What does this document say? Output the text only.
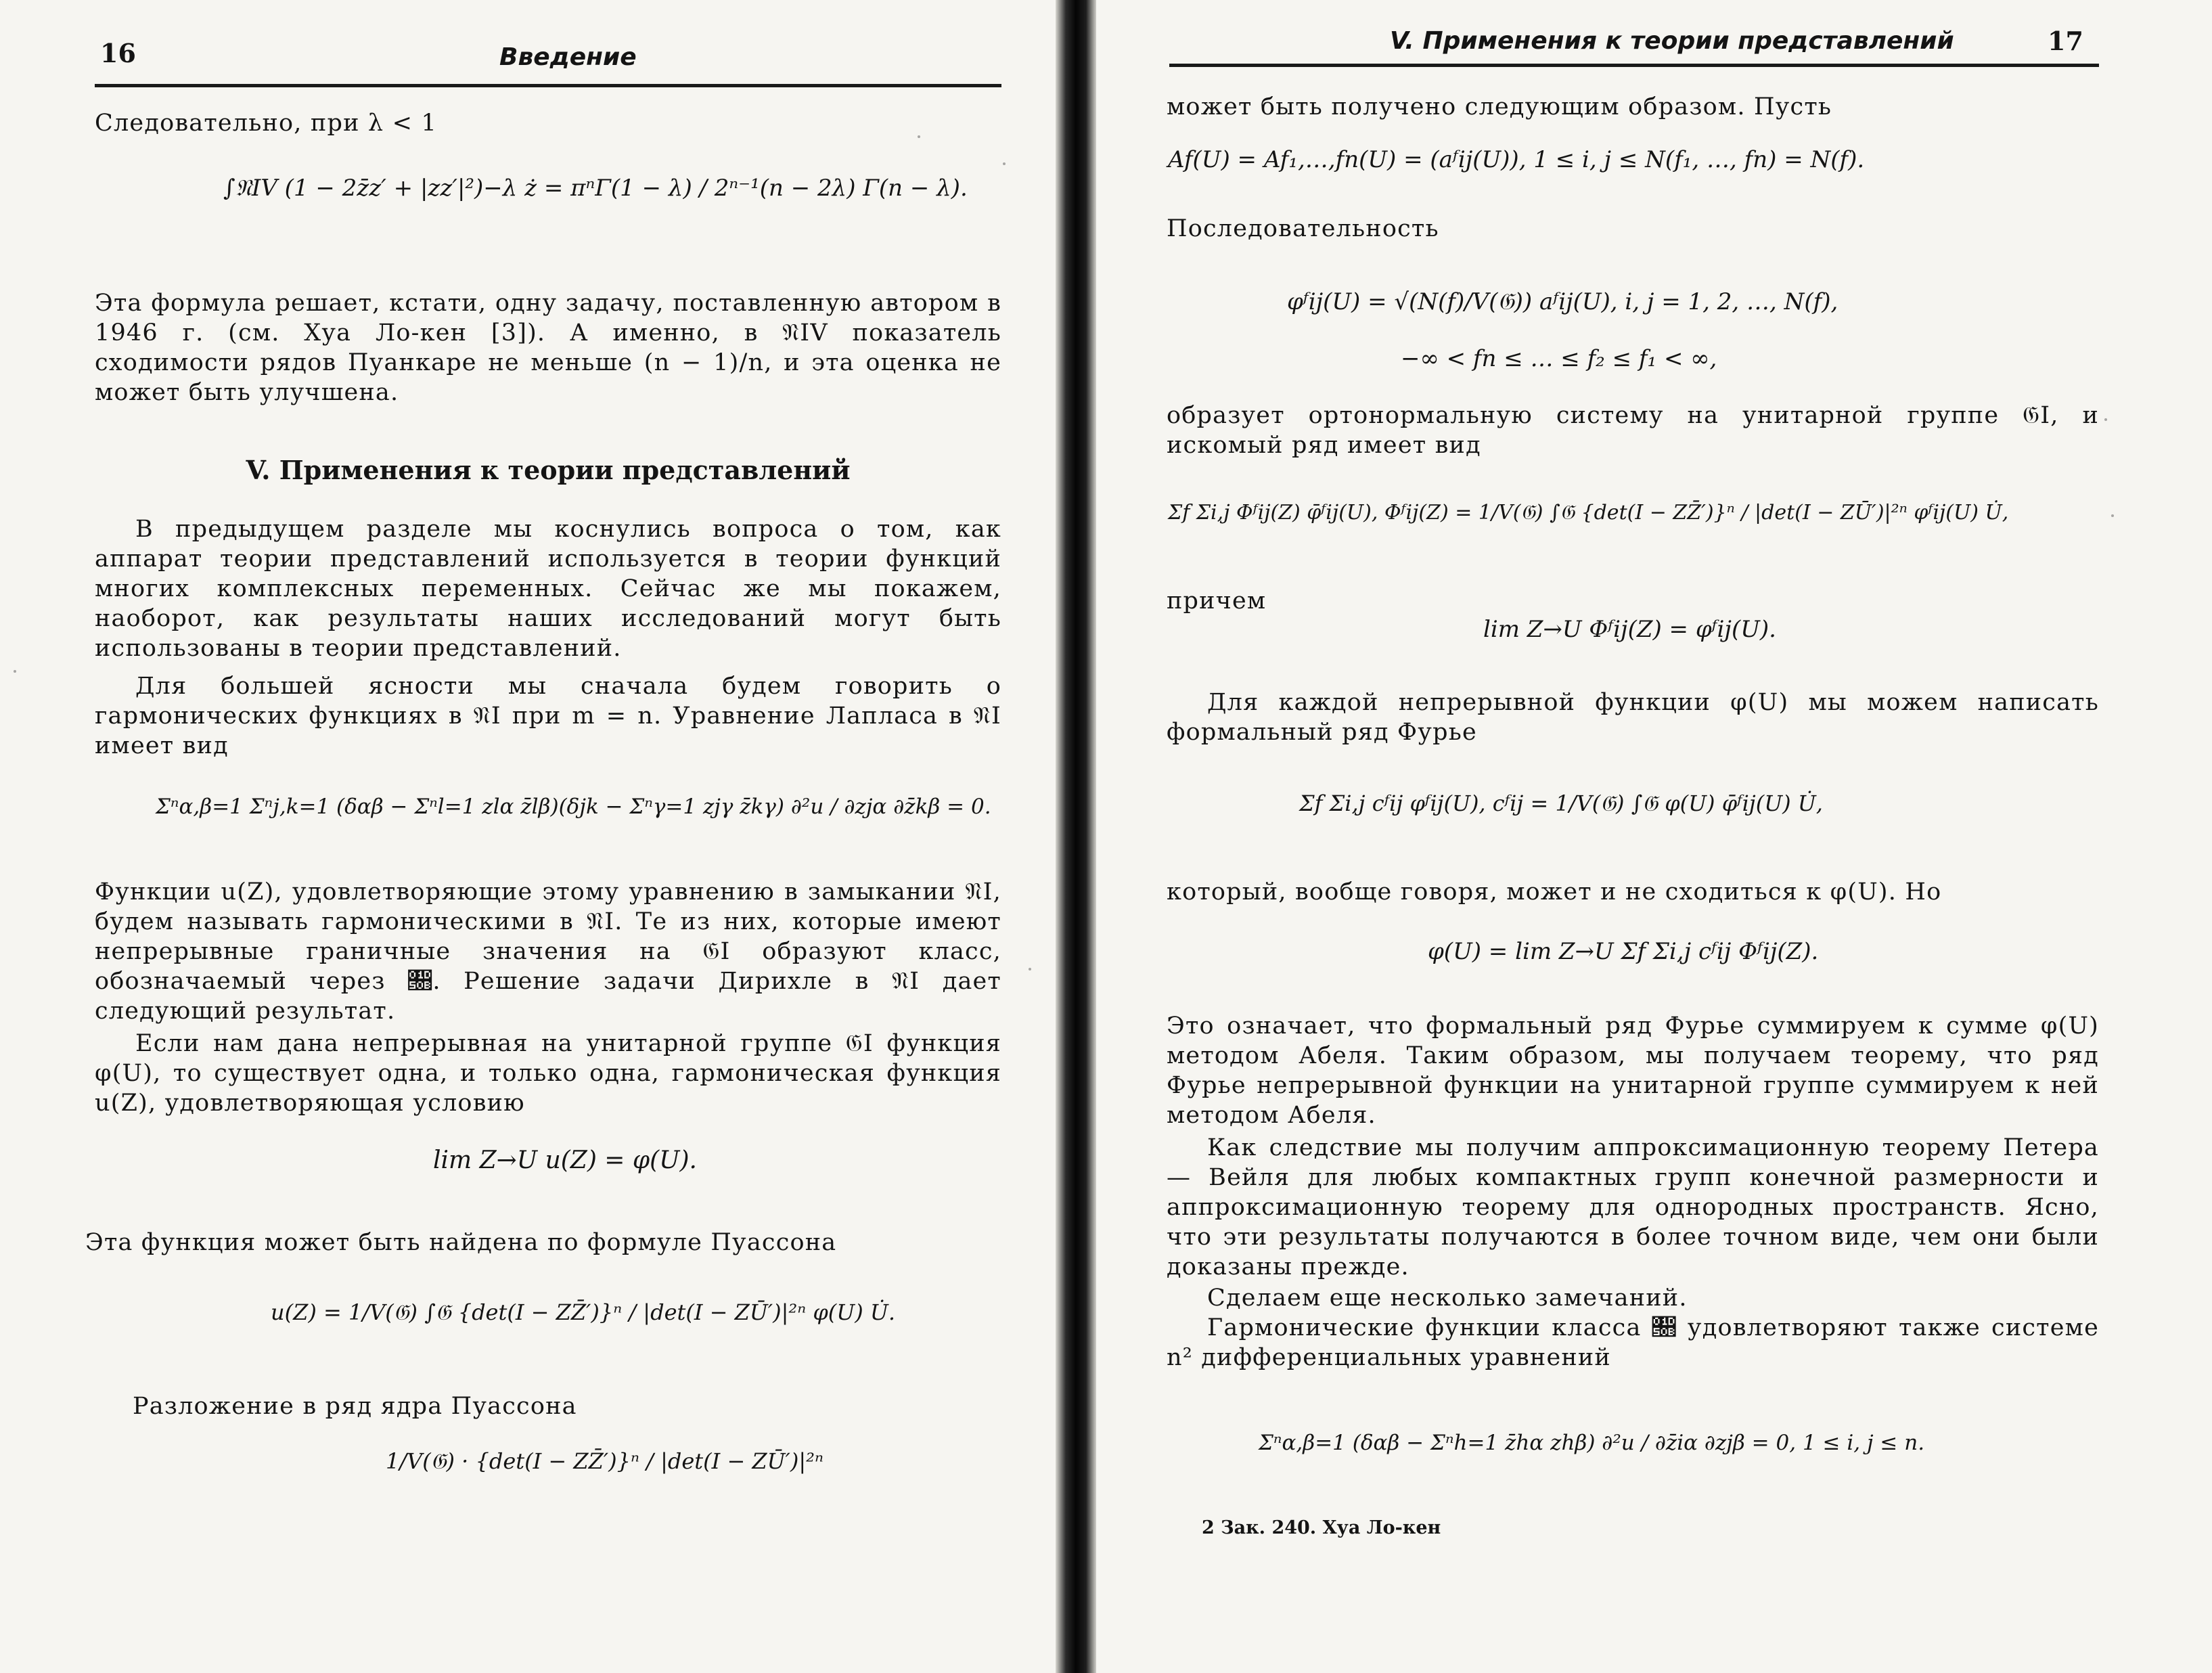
16	Введение
Следовательно, при λ < 1
∫𝔑IV (1 − 2z̄z′ + |zz′|²)−λ ż = πⁿΓ(1 − λ) / 2ⁿ⁻¹(n − 2λ) Γ(n − λ).
Эта формула решает, кстати, одну задачу, поставленную автором в 1946 г. (см. Хуа Ло-кен [3]). А именно, в 𝔑IV показатель сходимости рядов Пуанкаре не меньше (n − 1)/n, и эта оценка не может быть улучшена.
V. Применения к теории представлений
В предыдущем разделе мы коснулись вопроса о том, как аппарат теории представлений используется в теории функций многих комплексных переменных. Сейчас же мы покажем, наоборот, как результаты наших исследований могут быть использованы в теории представлений.
Для большей ясности мы сначала будем говорить о гармонических функциях в 𝔑I при m = n. Уравнение Лапласа в 𝔑I имеет вид
Σⁿα,β=1 Σⁿj,k=1 (δαβ − Σⁿl=1 zlα z̄lβ)(δjk − Σⁿγ=1 zjγ z̄kγ) ∂²u / ∂zjα ∂z̄kβ = 0.
Функции u(Z), удовлетворяющие этому уравнению в замыкании 𝔑I, будем называть гармоническими в 𝔑I. Те из них, которые имеют непрерывные граничные значения на 𝔊I образуют класс, обозначаемый через 𝔋. Решение задачи Дирихле в 𝔑I дает следующий результат.
Если нам дана непрерывная на унитарной группе 𝔊I функция φ(U), то существует одна, и только одна, гармоническая функция u(Z), удовлетворяющая условию
lim Z→U u(Z) = φ(U).
Эта функция может быть найдена по формуле Пуассона
u(Z) = 1/V(𝔊) ∫𝔊 {det(I − ZZ̄′)}ⁿ / |det(I − ZŪ′)|²ⁿ φ(U) U̇.
Разложение в ряд ядра Пуассона
1/V(𝔊) · {det(I − ZZ̄′)}ⁿ / |det(I − ZŪ′)|²ⁿ
V. Применения к теории представлений	17
может быть получено следующим образом. Пусть
Af(U) = Af₁,…,fn(U) = (aᶠij(U)), 1 ≤ i, j ≤ N(f₁, …, fn) = N(f).
Последовательность
φᶠij(U) = √(N(f)/V(𝔊)) aᶠij(U), i, j = 1, 2, …, N(f),
−∞ < fn ≤ … ≤ f₂ ≤ f₁ < ∞,
образует ортонормальную систему на унитарной группе 𝔊I, и искомый ряд имеет вид
Σf Σi,j Φᶠij(Z) φ̄ᶠij(U), Φᶠij(Z) = 1/V(𝔊) ∫𝔊 {det(I − ZZ̄′)}ⁿ / |det(I − ZŪ′)|²ⁿ φᶠij(U) U̇,
причем
lim Z→U Φᶠij(Z) = φᶠij(U).
Для каждой непрерывной функции φ(U) мы можем написать формальный ряд Фурье
Σf Σi,j cᶠij φᶠij(U), cᶠij = 1/V(𝔊) ∫𝔊 φ(U) φ̄ᶠij(U) U̇,
который, вообще говоря, может и не сходиться к φ(U). Но
φ(U) = lim Z→U Σf Σi,j cᶠij Φᶠij(Z).
Это означает, что формальный ряд Фурье суммируем к сумме φ(U) методом Абеля. Таким образом, мы получаем теорему, что ряд Фурье непрерывной функции на унитарной группе суммируем к ней методом Абеля.
Как следствие мы получим аппроксимационную теорему Петера — Вейля для любых компактных групп конечной размерности и аппроксимационную теорему для однородных пространств. Ясно, что эти результаты получаются в более точном виде, чем они были доказаны прежде.
Сделаем еще несколько замечаний.
Гармонические функции класса 𝔋 удовлетворяют также системе n² дифференциальных уравнений
Σⁿα,β=1 (δαβ − Σⁿh=1 z̄hα zhβ) ∂²u / ∂z̄iα ∂zjβ = 0, 1 ≤ i, j ≤ n.
2 Зак. 240. Хуа Ло-кен
